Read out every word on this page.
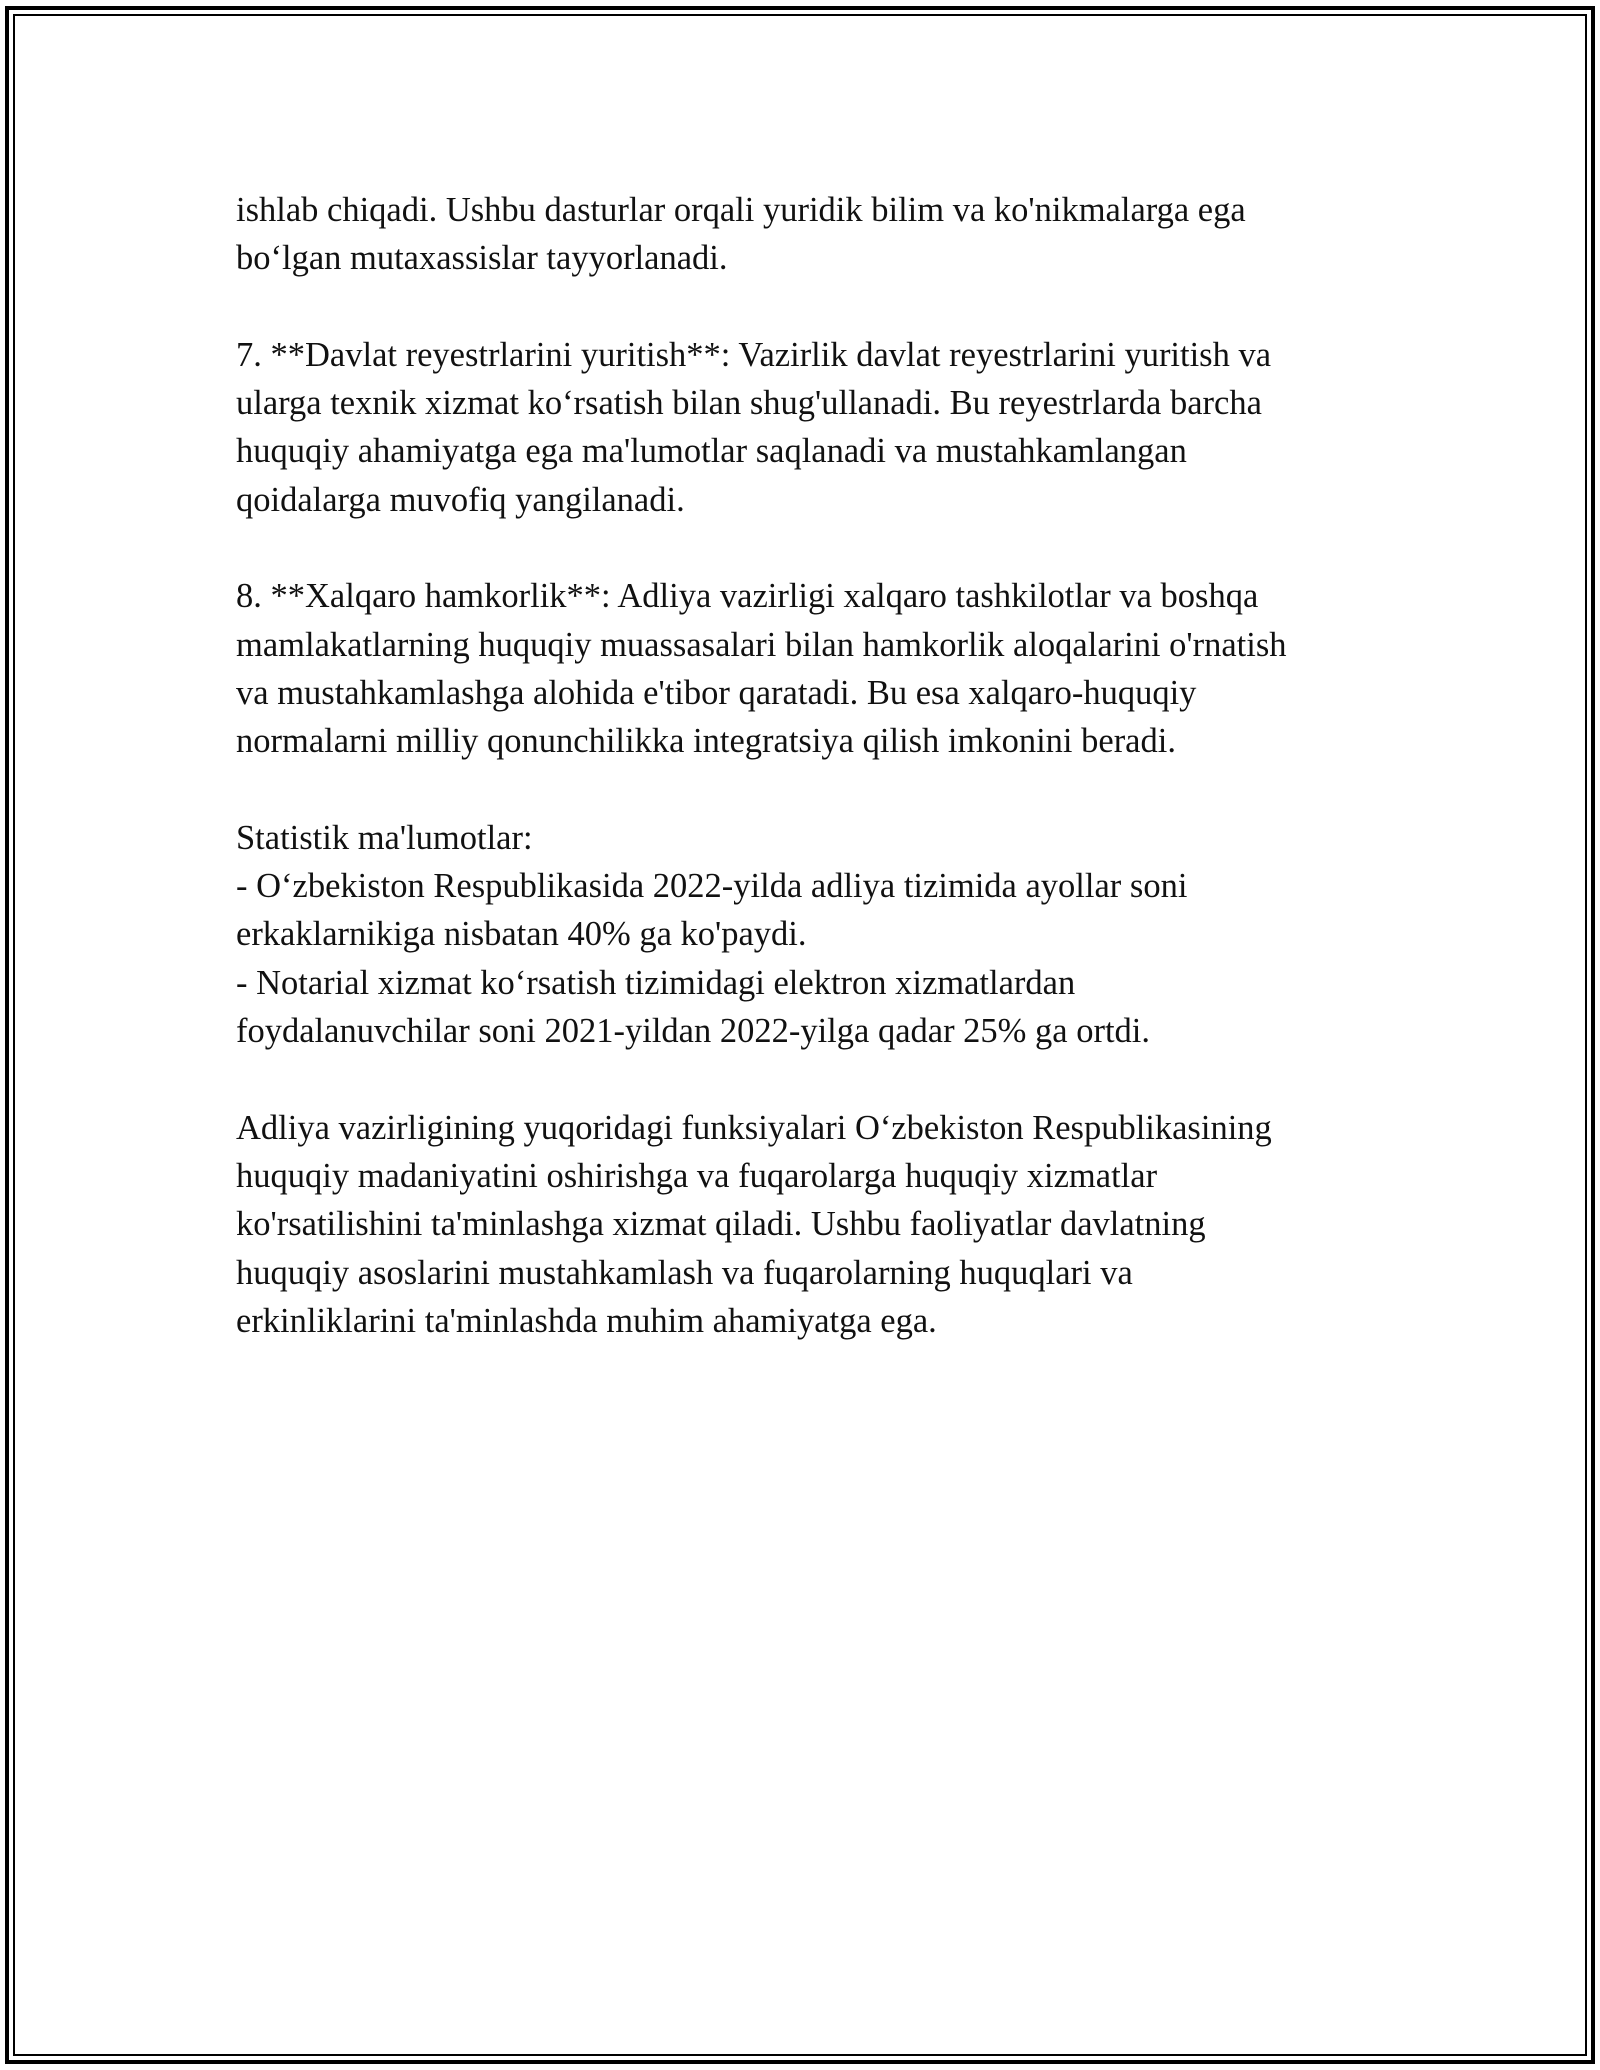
ishlab chiqadi. Ushbu dasturlar orqali yuridik bilim va ko'nikmalarga ega
bo‘lgan mutaxassislar tayyorlanadi.
7. **Davlat reyestrlarini yuritish**: Vazirlik davlat reyestrlarini yuritish va
ularga texnik xizmat ko‘rsatish bilan shug'ullanadi. Bu reyestrlarda barcha
huquqiy ahamiyatga ega ma'lumotlar saqlanadi va mustahkamlangan
qoidalarga muvofiq yangilanadi.
8. **Xalqaro hamkorlik**: Adliya vazirligi xalqaro tashkilotlar va boshqa
mamlakatlarning huquqiy muassasalari bilan hamkorlik aloqalarini o'rnatish
va mustahkamlashga alohida e'tibor qaratadi. Bu esa xalqaro-huquqiy
normalarni milliy qonunchilikka integratsiya qilish imkonini beradi.
Statistik ma'lumotlar:
- O‘zbekiston Respublikasida 2022-yilda adliya tizimida ayollar soni
erkaklarnikiga nisbatan 40% ga ko'paydi.
- Notarial xizmat ko‘rsatish tizimidagi elektron xizmatlardan
foydalanuvchilar soni 2021-yildan 2022-yilga qadar 25% ga ortdi.
Adliya vazirligining yuqoridagi funksiyalari O‘zbekiston Respublikasining
huquqiy madaniyatini oshirishga va fuqarolarga huquqiy xizmatlar
ko'rsatilishini ta'minlashga xizmat qiladi. Ushbu faoliyatlar davlatning
huquqiy asoslarini mustahkamlash va fuqarolarning huquqlari va
erkinliklarini ta'minlashda muhim ahamiyatga ega.
